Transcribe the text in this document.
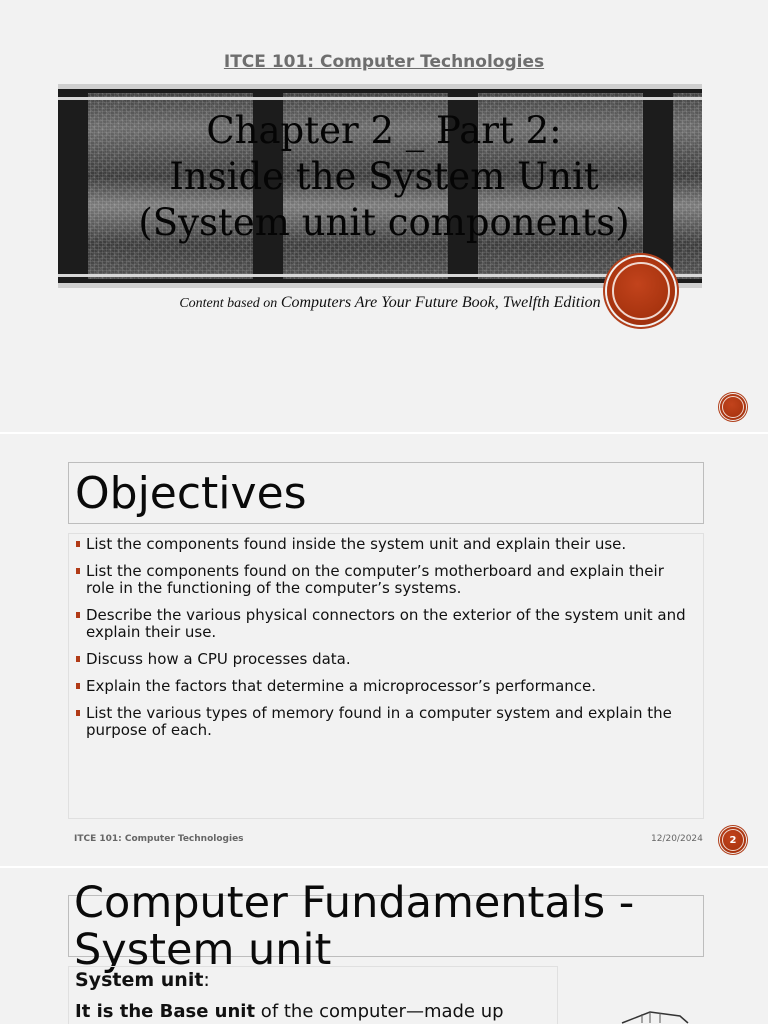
ITCE 101: Computer Technologies
Chapter 2 _ Part 2:
Inside the System Unit
(System unit components)
Content based on Computers Are Your Future Book, Twelfth Edition
Objectives
List the components found inside the system unit and explain their use.
List the components found on the computer’s motherboard and explain their role in the functioning of the computer’s systems.
Describe the various physical connectors on the exterior of the system unit and explain their use.
Discuss how a CPU processes data.
Explain the factors that determine a microprocessor’s performance.
List the various types of memory found in a computer system and explain the purpose of each.
ITCE 101: Computer Technologies	12/20/2024	2
Computer Fundamentals -
System unit
System unit:
It is the Base unit of the computer—made up
